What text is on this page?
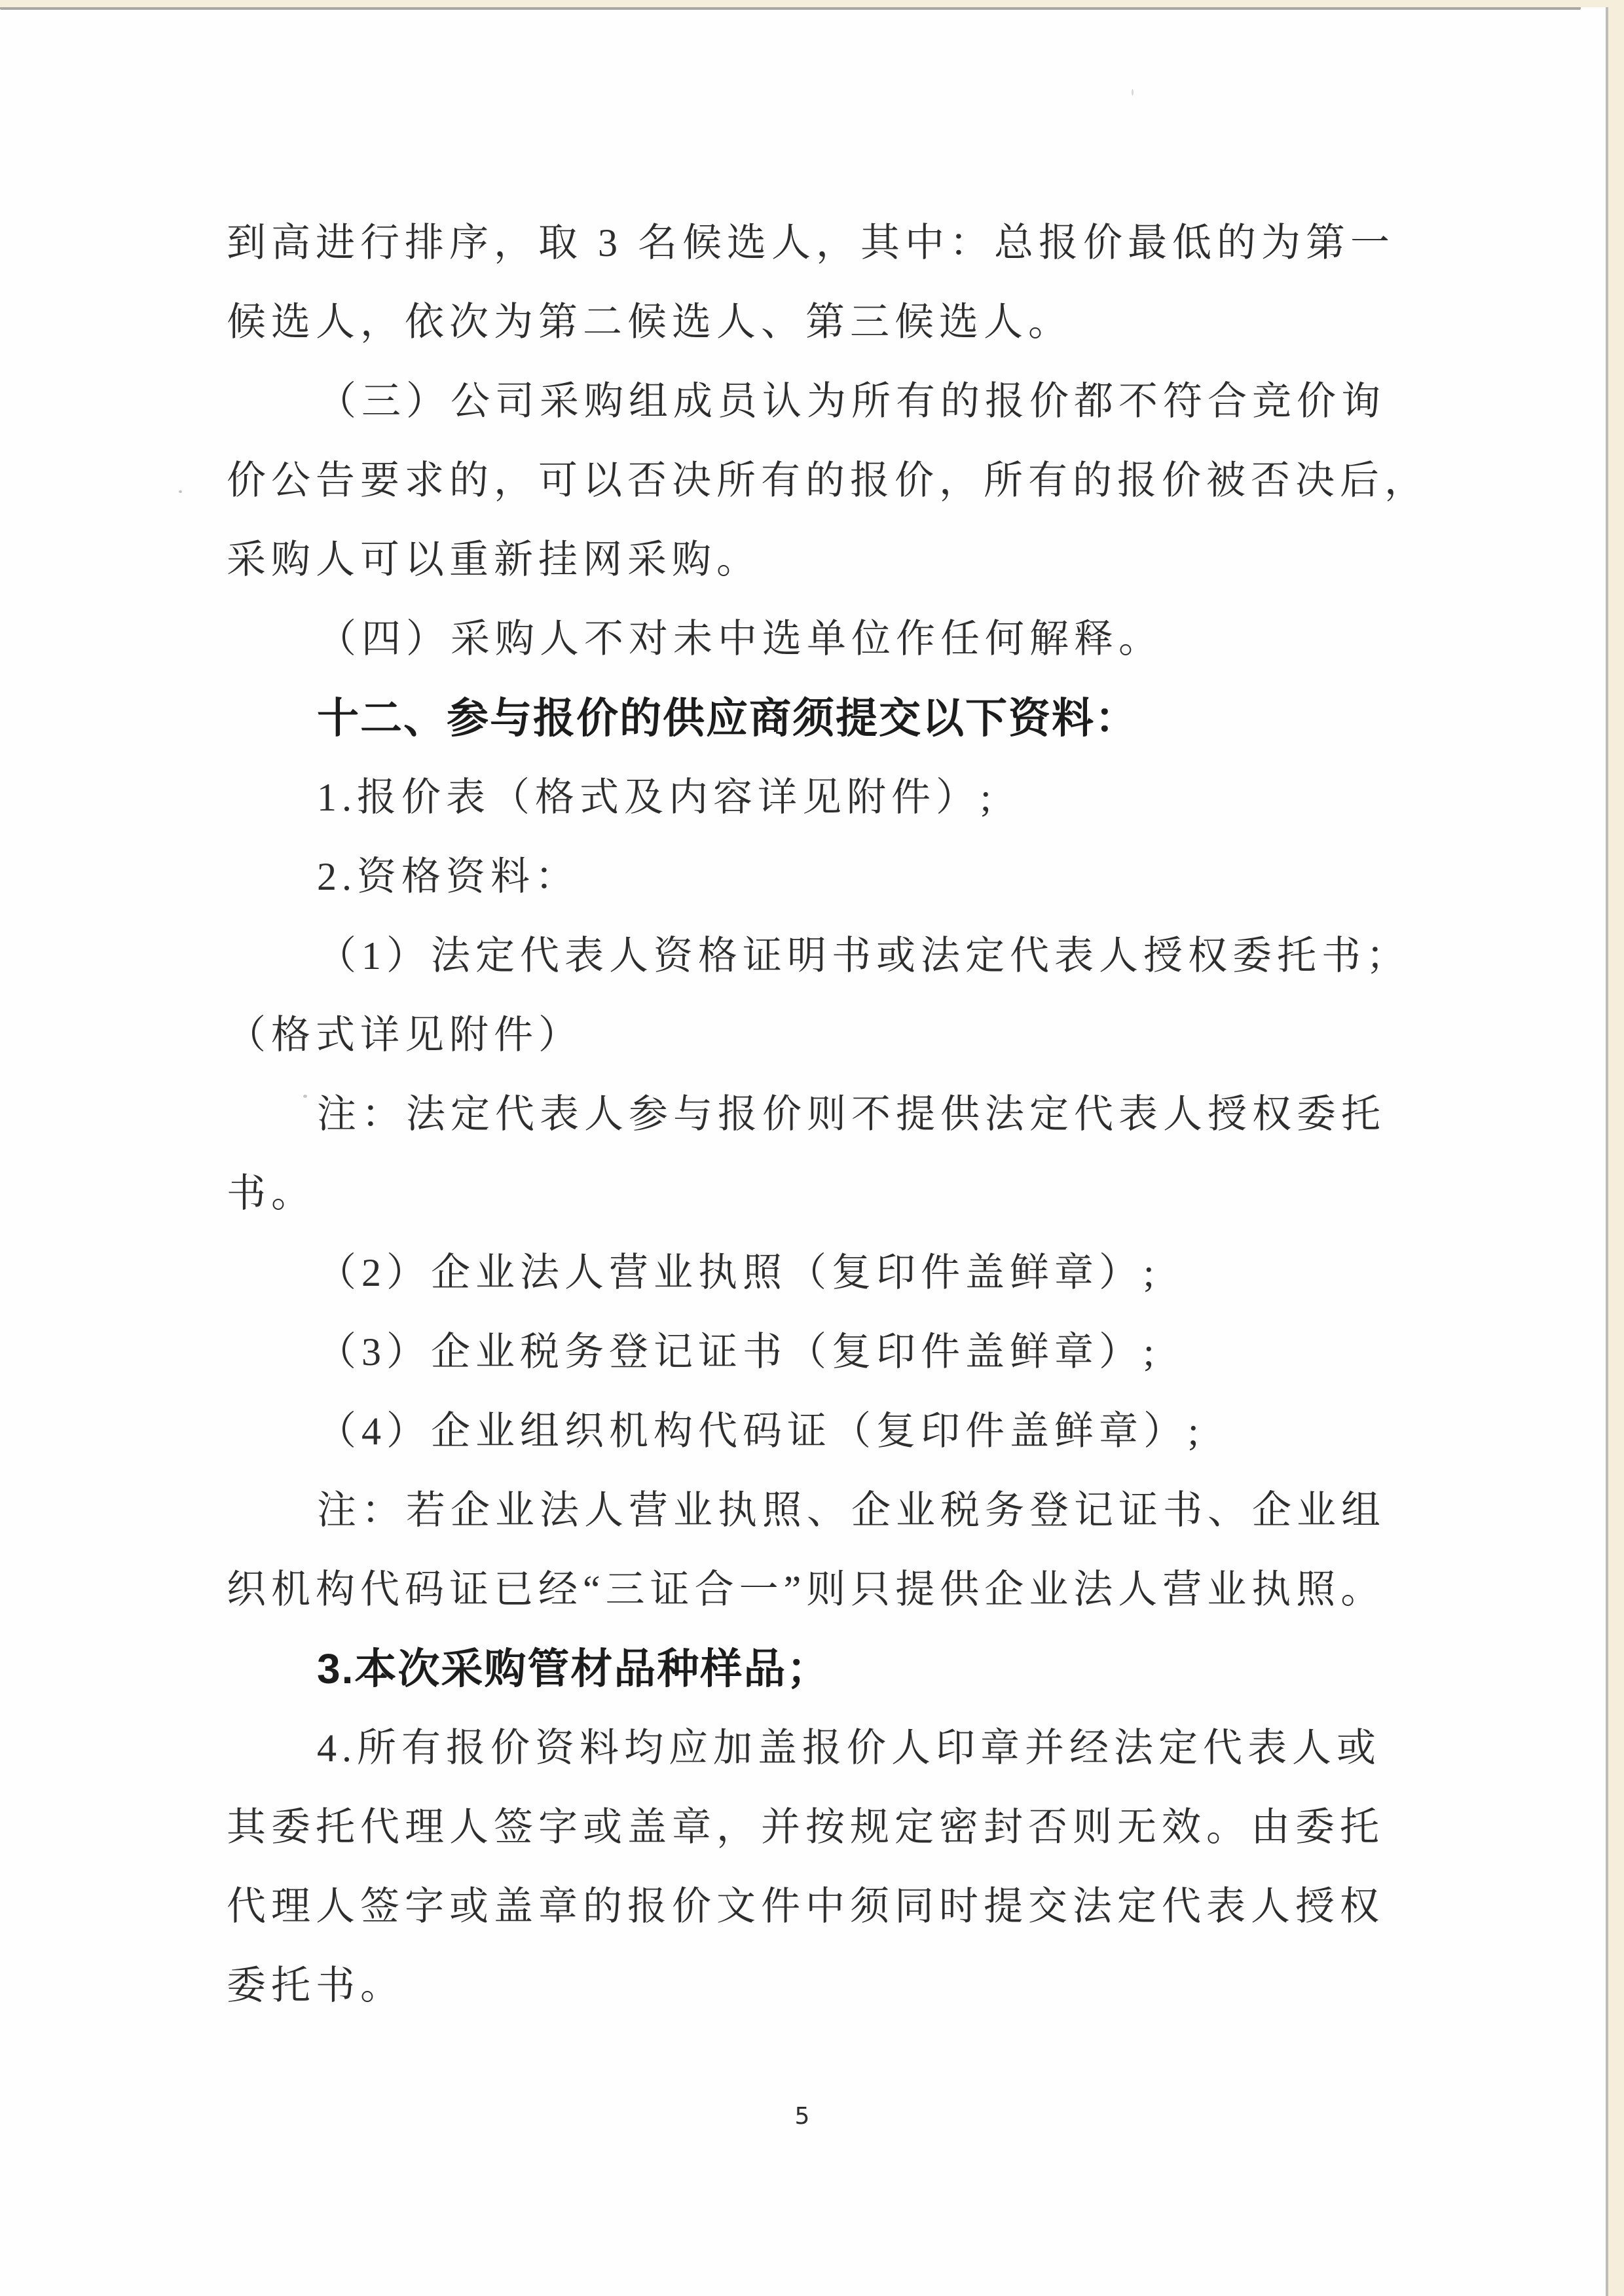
到高进行排序，取 3 名候选人，其中：总报价最低的为第一
候选人，依次为第二候选人、第三候选人。
（三）公司采购组成员认为所有的报价都不符合竞价询
价公告要求的，可以否决所有的报价，所有的报价被否决后，
采购人可以重新挂网采购。
（四）采购人不对未中选单位作任何解释。
十二、参与报价的供应商须提交以下资料：
1.报价表（格式及内容详见附件）;
2.资格资料：
（1）法定代表人资格证明书或法定代表人授权委托书；
（格式详见附件）
注：法定代表人参与报价则不提供法定代表人授权委托
书。
（2）企业法人营业执照（复印件盖鲜章）;
（3）企业税务登记证书（复印件盖鲜章）;
（4）企业组织机构代码证（复印件盖鲜章）;
注：若企业法人营业执照、企业税务登记证书、企业组
织机构代码证已经“三证合一”则只提供企业法人营业执照。
3.本次采购管材品种样品；
4.所有报价资料均应加盖报价人印章并经法定代表人或
其委托代理人签字或盖章，并按规定密封否则无效。由委托
代理人签字或盖章的报价文件中须同时提交法定代表人授权
委托书。
5
